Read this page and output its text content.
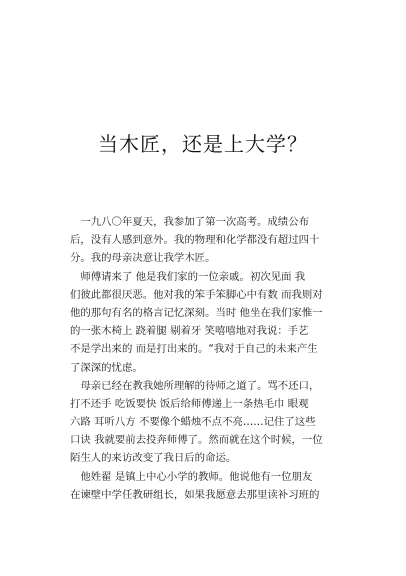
当木匠，还是上大学？
　一九八〇年夏天，我参加了第一次高考。成绩公布
后，没有人感到意外。我的物理和化学都没有超过四十
分。我的母亲决意让我学木匠。
　师傅请来了 他是我们家的一位亲戚。初次见面 我
们彼此都很厌恶。他对我的笨手笨脚心中有数 而我则对
他的那句有名的格言记忆深刻。当时 他坐在我们家惟一
的一张木椅上 跷着腿 剔着牙 笑嘻嘻地对我说：手艺
不是学出来的 而是打出来的。“我对于自己的未来产生
了深深的忧虑。
　母亲已经在教我她所理解的待师之道了。骂不还口，
打不还手 吃饭要快 饭后给师傅递上一条热毛巾 眼观
六路 耳听八方 不要像个蜡烛不点不亮……记住了这些
口诀 我就要前去投奔师傅了。然而就在这个时候，一位
陌生人的来访改变了我日后的命运。
　他姓翟 是镇上中心小学的教师。他说他有一位朋友
在谏壁中学任教研组长，如果我愿意去那里读补习班的
